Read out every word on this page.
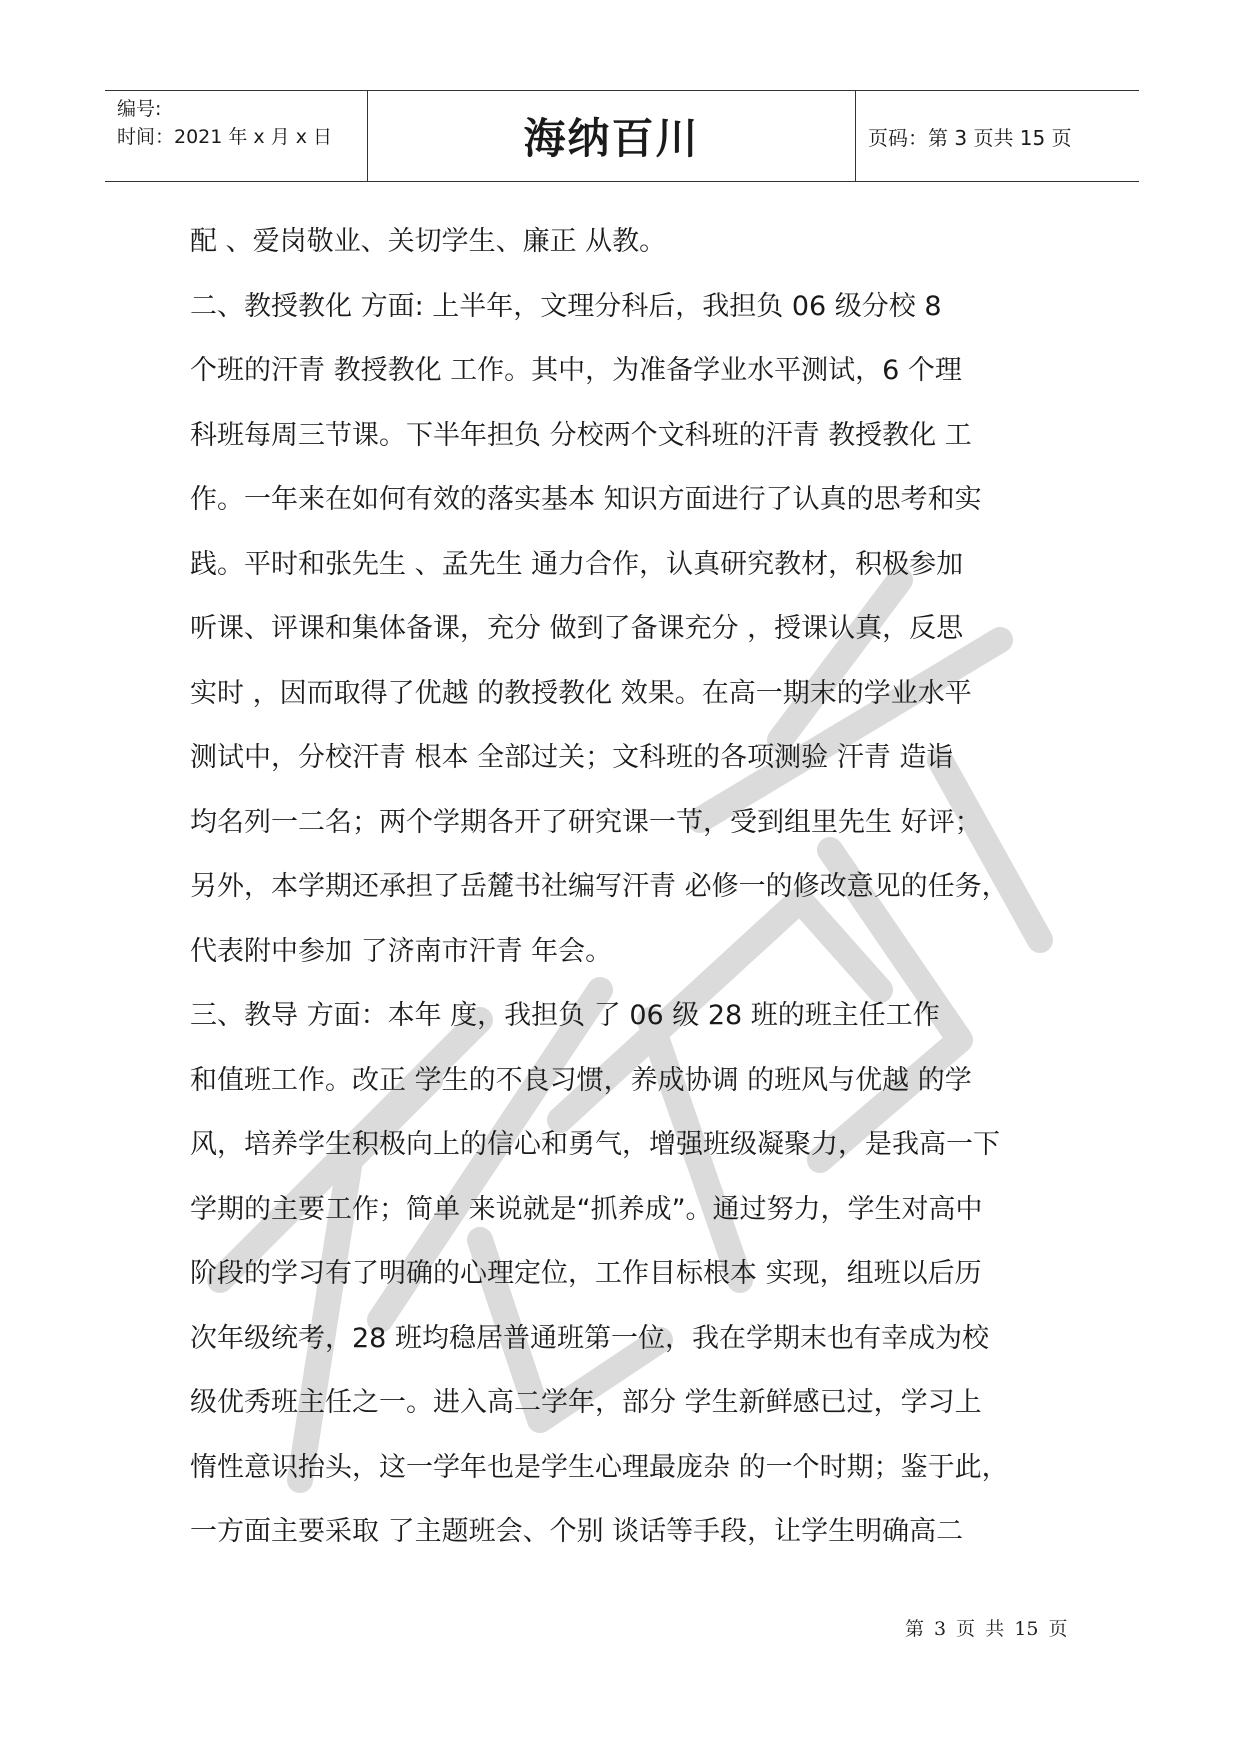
编号:
时间：2021 年 x 月 x 日	海纳百川	页码：第 3 页共 15 页
配 、爱岗敬业、关切学生、廉正 从教。
二、教授教化 方面: 上半年，文理分科后，我担负 06 级分校 8
个班的汗青 教授教化 工作。其中，为准备学业水平测试，6 个理
科班每周三节课。下半年担负 分校两个文科班的汗青 教授教化 工
作。一年来在如何有效的落实基本 知识方面进行了认真的思考和实
践。平时和张先生 、孟先生 通力合作，认真研究教材，积极参加
听课、评课和集体备课，充分 做到了备课充分 ，授课认真，反思
实时 ，因而取得了优越 的教授教化 效果。在高一期末的学业水平
测试中，分校汗青 根本 全部过关；文科班的各项测验 汗青 造诣
均名列一二名；两个学期各开了研究课一节，受到组里先生 好评；
另外，本学期还承担了岳麓书社编写汗青 必修一的修改意见的任务，
代表附中参加 了济南市汗青 年会。
三、教导 方面：本年 度，我担负 了 06 级 28 班的班主任工作
和值班工作。改正 学生的不良习惯，养成协调 的班风与优越 的学
风，培养学生积极向上的信心和勇气，增强班级凝聚力，是我高一下
学期的主要工作；简单 来说就是“抓养成”。通过努力，学生对高中
阶段的学习有了明确的心理定位，工作目标根本 实现，组班以后历
次年级统考，28 班均稳居普通班第一位，我在学期末也有幸成为校
级优秀班主任之一。进入高二学年，部分 学生新鲜感已过，学习上
惰性意识抬头，这一学年也是学生心理最庞杂 的一个时期；鉴于此，
一方面主要采取 了主题班会、个别 谈话等手段，让学生明确高二
第 3 页 共 15 页
